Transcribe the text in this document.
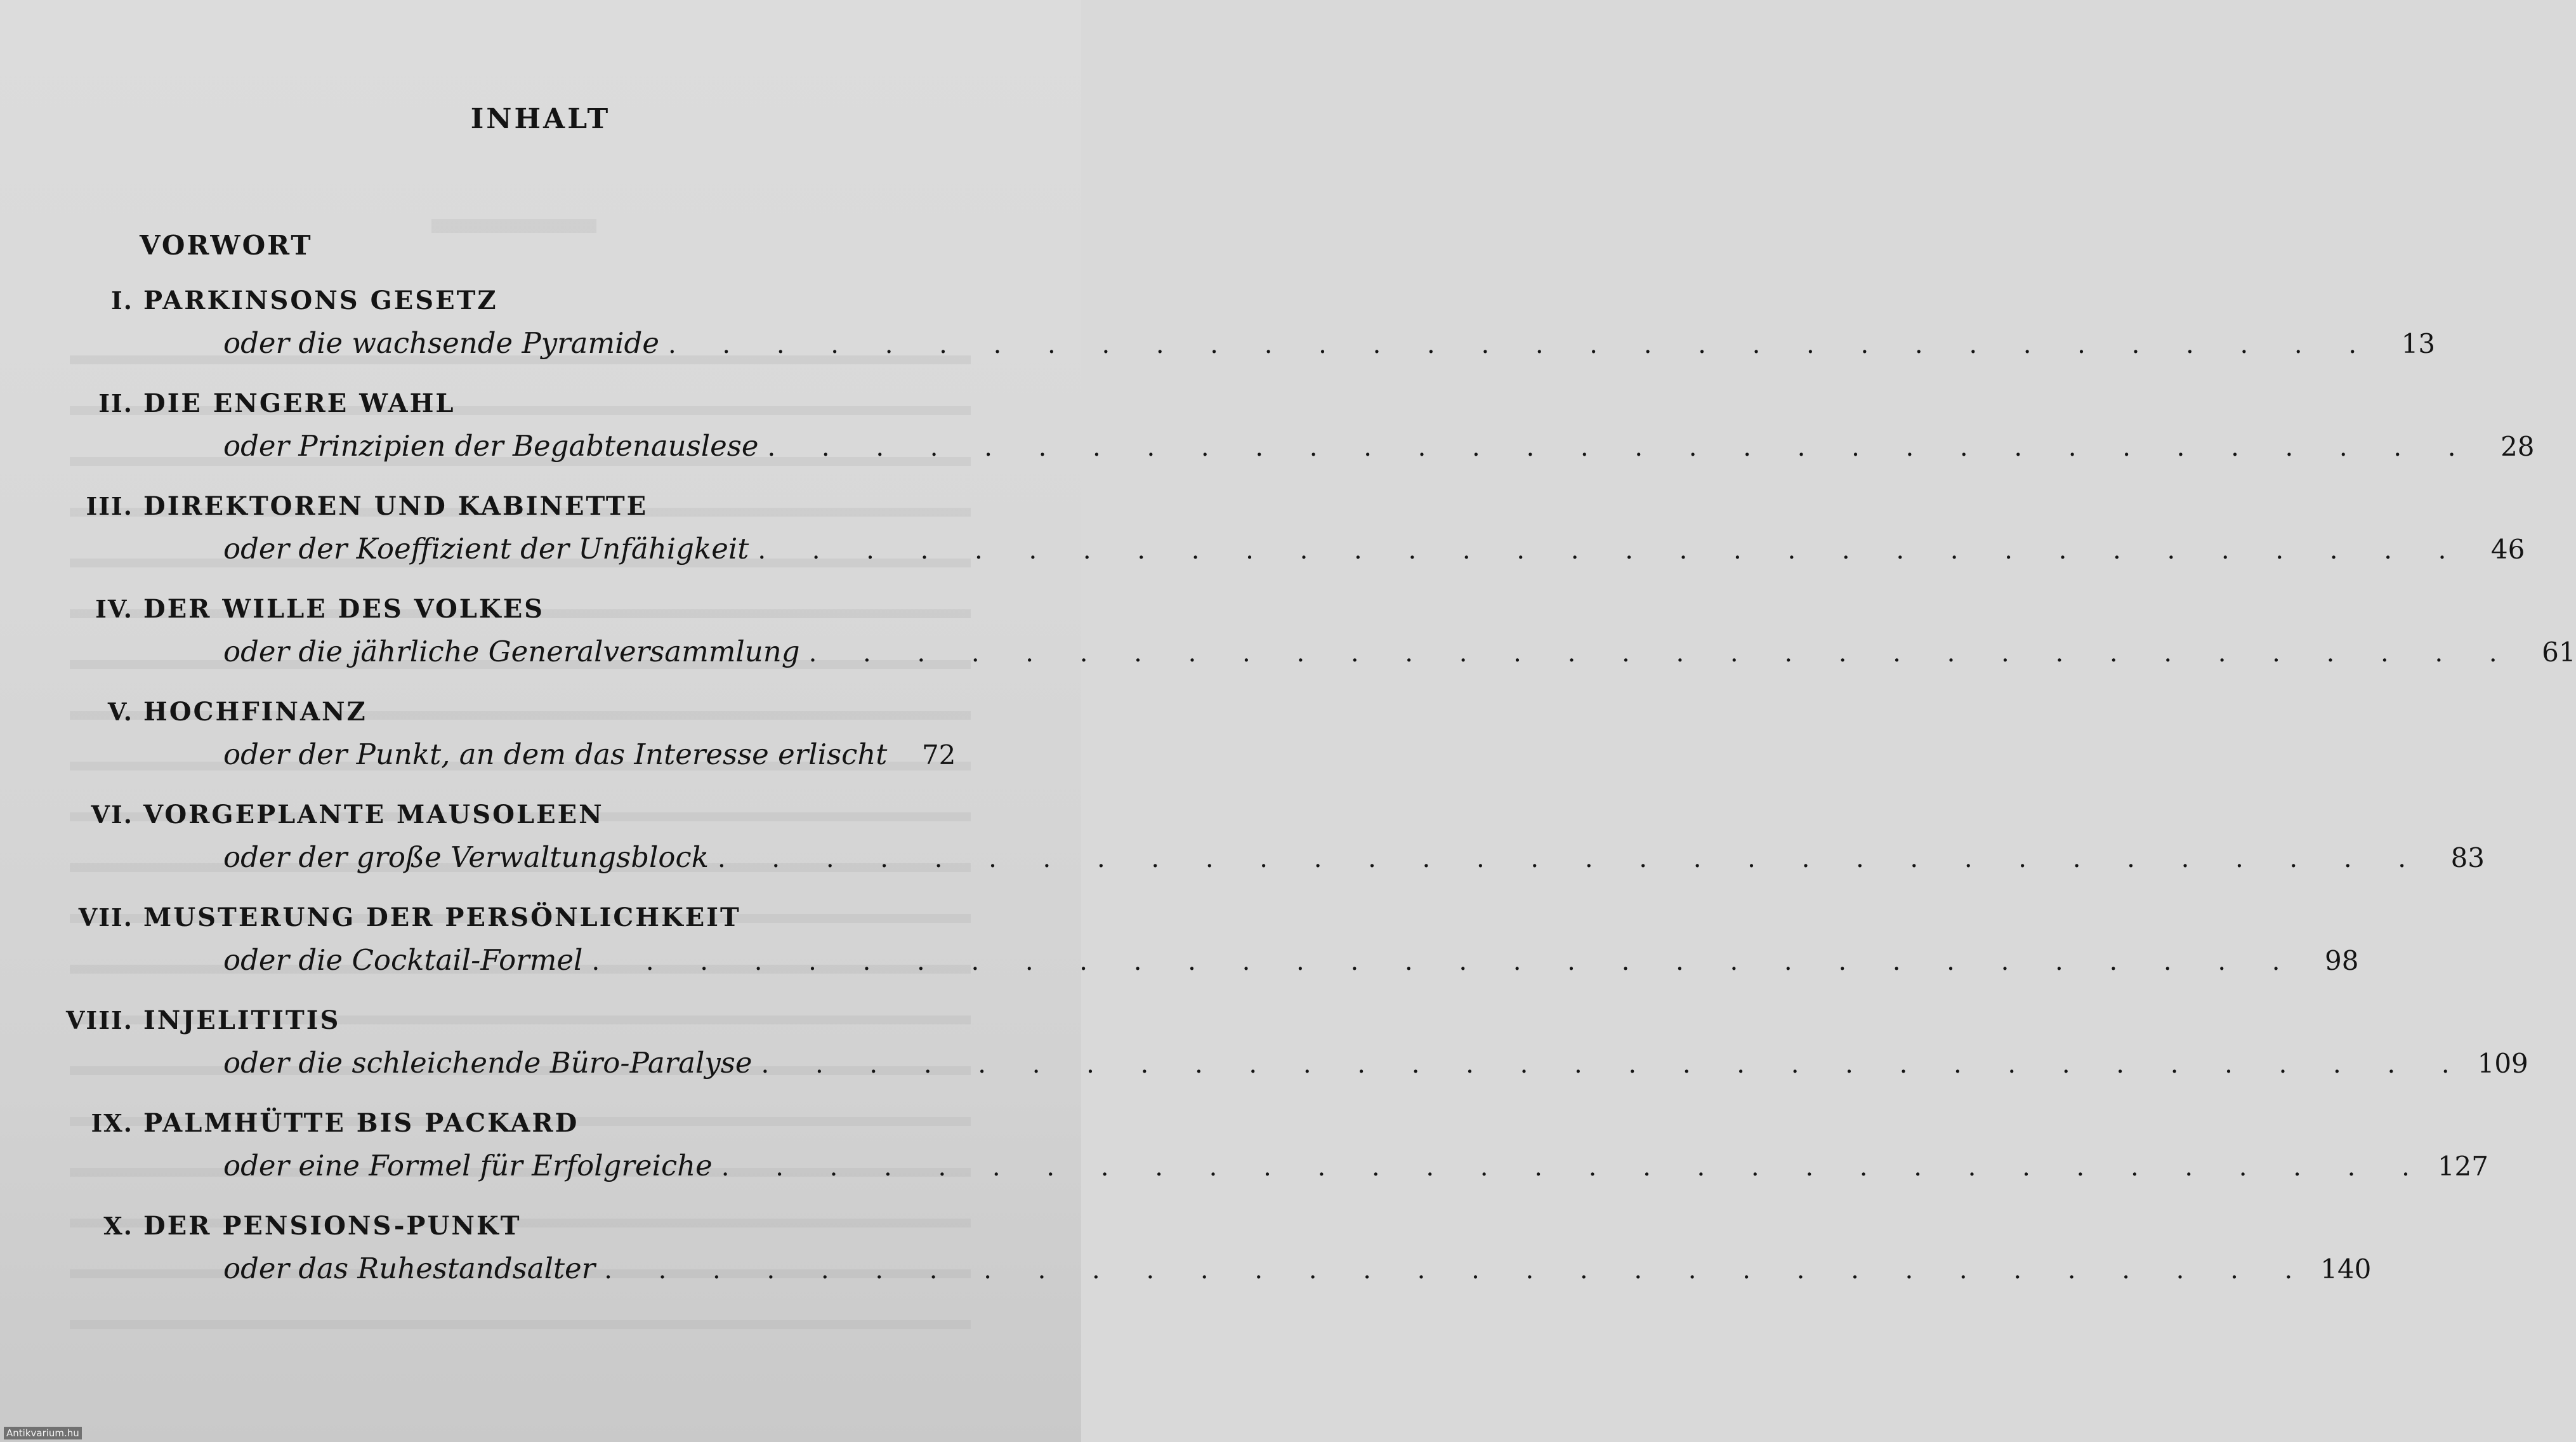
INHALT
VORWORT
I. PARKINSONS GESETZ
oder die wachsende Pyramide . . . . . . . . . . . . . . . . . . . . . . . . . . . . . . . . 13
II. DIE ENGERE WAHL
oder Prinzipien der Begabtenauslese . . . . . . . . . . . . . . . . . . . . . . . . . . . . . . . . 28
III. DIREKTOREN UND KABINETTE
oder der Koeffizient der Unfähigkeit . . . . . . . . . . . . . . . . . . . . . . . . . . . . . . . . 46
IV. DER WILLE DES VOLKES
oder die jährliche Generalversammlung . . . . . . . . . . . . . . . . . . . . . . . . . . . . . . . . 61
V. HOCHFINANZ
oder der Punkt, an dem das Interesse erlischt	72
VI. VORGEPLANTE MAUSOLEEN
oder der große Verwaltungsblock . . . . . . . . . . . . . . . . . . . . . . . . . . . . . . . . 83
VII. MUSTERUNG DER PERSÖNLICHKEIT
oder die Cocktail-Formel . . . . . . . . . . . . . . . . . . . . . . . . . . . . . . . . 98
VIII. INJELITITIS
oder die schleichende Büro-Paralyse . . . . . . . . . . . . . . . . . . . . . . . . . . . . . . . . 109
IX. PALMHÜTTE BIS PACKARD
oder eine Formel für Erfolgreiche . . . . . . . . . . . . . . . . . . . . . . . . . . . . . . . . 127
X. DER PENSIONS-PUNKT
oder das Ruhestandsalter . . . . . . . . . . . . . . . . . . . . . . . . . . . . . . . . 140
Antikvarium.hu
